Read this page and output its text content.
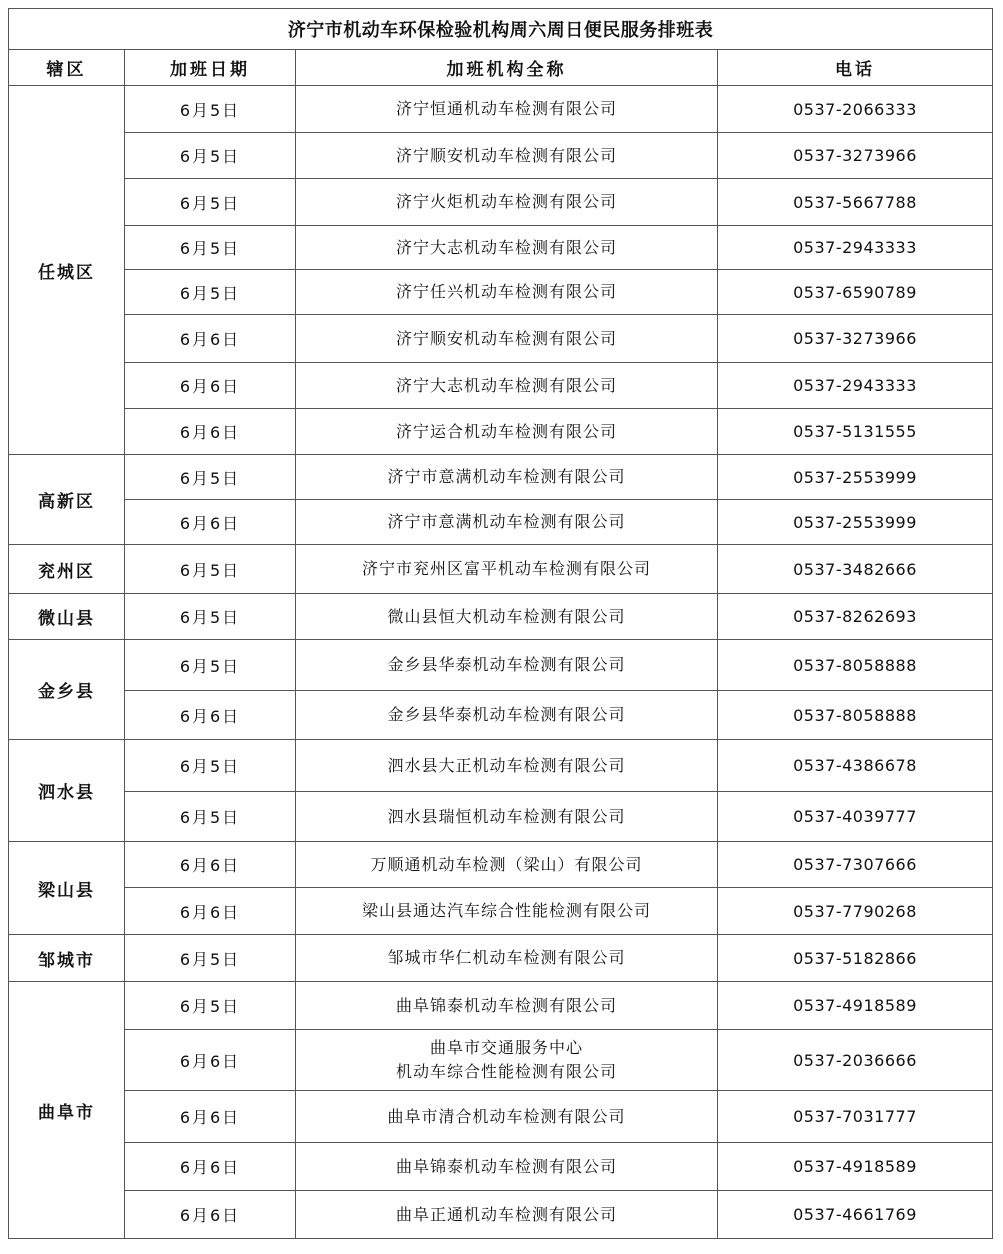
济宁市机动车环保检验机构周六周日便民服务排班表			
辖区	加班日期	加班机构全称	电话
任城区	6月5日	济宁恒通机动车检测有限公司	0537-2066333
	6月5日	济宁顺安机动车检测有限公司	0537-3273966
	6月5日	济宁火炬机动车检测有限公司	0537-5667788
	6月5日	济宁大志机动车检测有限公司	0537-2943333
	6月5日	济宁任兴机动车检测有限公司	0537-6590789
	6月6日	济宁顺安机动车检测有限公司	0537-3273966
	6月6日	济宁大志机动车检测有限公司	0537-2943333
	6月6日	济宁运合机动车检测有限公司	0537-5131555
高新区	6月5日	济宁市意满机动车检测有限公司	0537-2553999
	6月6日	济宁市意满机动车检测有限公司	0537-2553999
兖州区	6月5日	济宁市兖州区富平机动车检测有限公司	0537-3482666
微山县	6月5日	微山县恒大机动车检测有限公司	0537-8262693
金乡县	6月5日	金乡县华泰机动车检测有限公司	0537-8058888
	6月6日	金乡县华泰机动车检测有限公司	0537-8058888
泗水县	6月5日	泗水县大正机动车检测有限公司	0537-4386678
	6月5日	泗水县瑞恒机动车检测有限公司	0537-4039777
梁山县	6月6日	万顺通机动车检测（梁山）有限公司	0537-7307666
	6月6日	梁山县通达汽车综合性能检测有限公司	0537-7790268
邹城市	6月5日	邹城市华仁机动车检测有限公司	0537-5182866
曲阜市	6月5日	曲阜锦泰机动车检测有限公司	0537-4918589
	6月6日	曲阜市交通服务中心
机动车综合性能检测有限公司	0537-2036666
	6月6日	曲阜市清合机动车检测有限公司	0537-7031777
	6月6日	曲阜锦泰机动车检测有限公司	0537-4918589
	6月6日	曲阜正通机动车检测有限公司	0537-4661769
